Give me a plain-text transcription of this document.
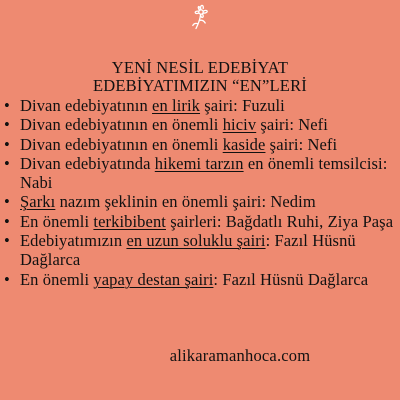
YENİ NESİL EDEBİYAT
EDEBİYATIMIZIN “EN”LERİ
• Divan edebiyatının en lirik şairi: Fuzuli
• Divan edebiyatının en önemli hiciv şairi: Nefi
• Divan edebiyatının en önemli kaside şairi: Nefi
• Divan edebiyatında hikemi tarzın en önemli temsilcisi: Nabi
• Şarkı nazım şeklinin en önemli şairi: Nedim
• En önemli terkibibent şairleri: Bağdatlı Ruhi, Ziya Paşa
• Edebiyatımızın en uzun soluklu şairi: Fazıl Hüsnü Dağlarca
• En önemli yapay destan şairi: Fazıl Hüsnü Dağlarca
alikaramanhoca.com
